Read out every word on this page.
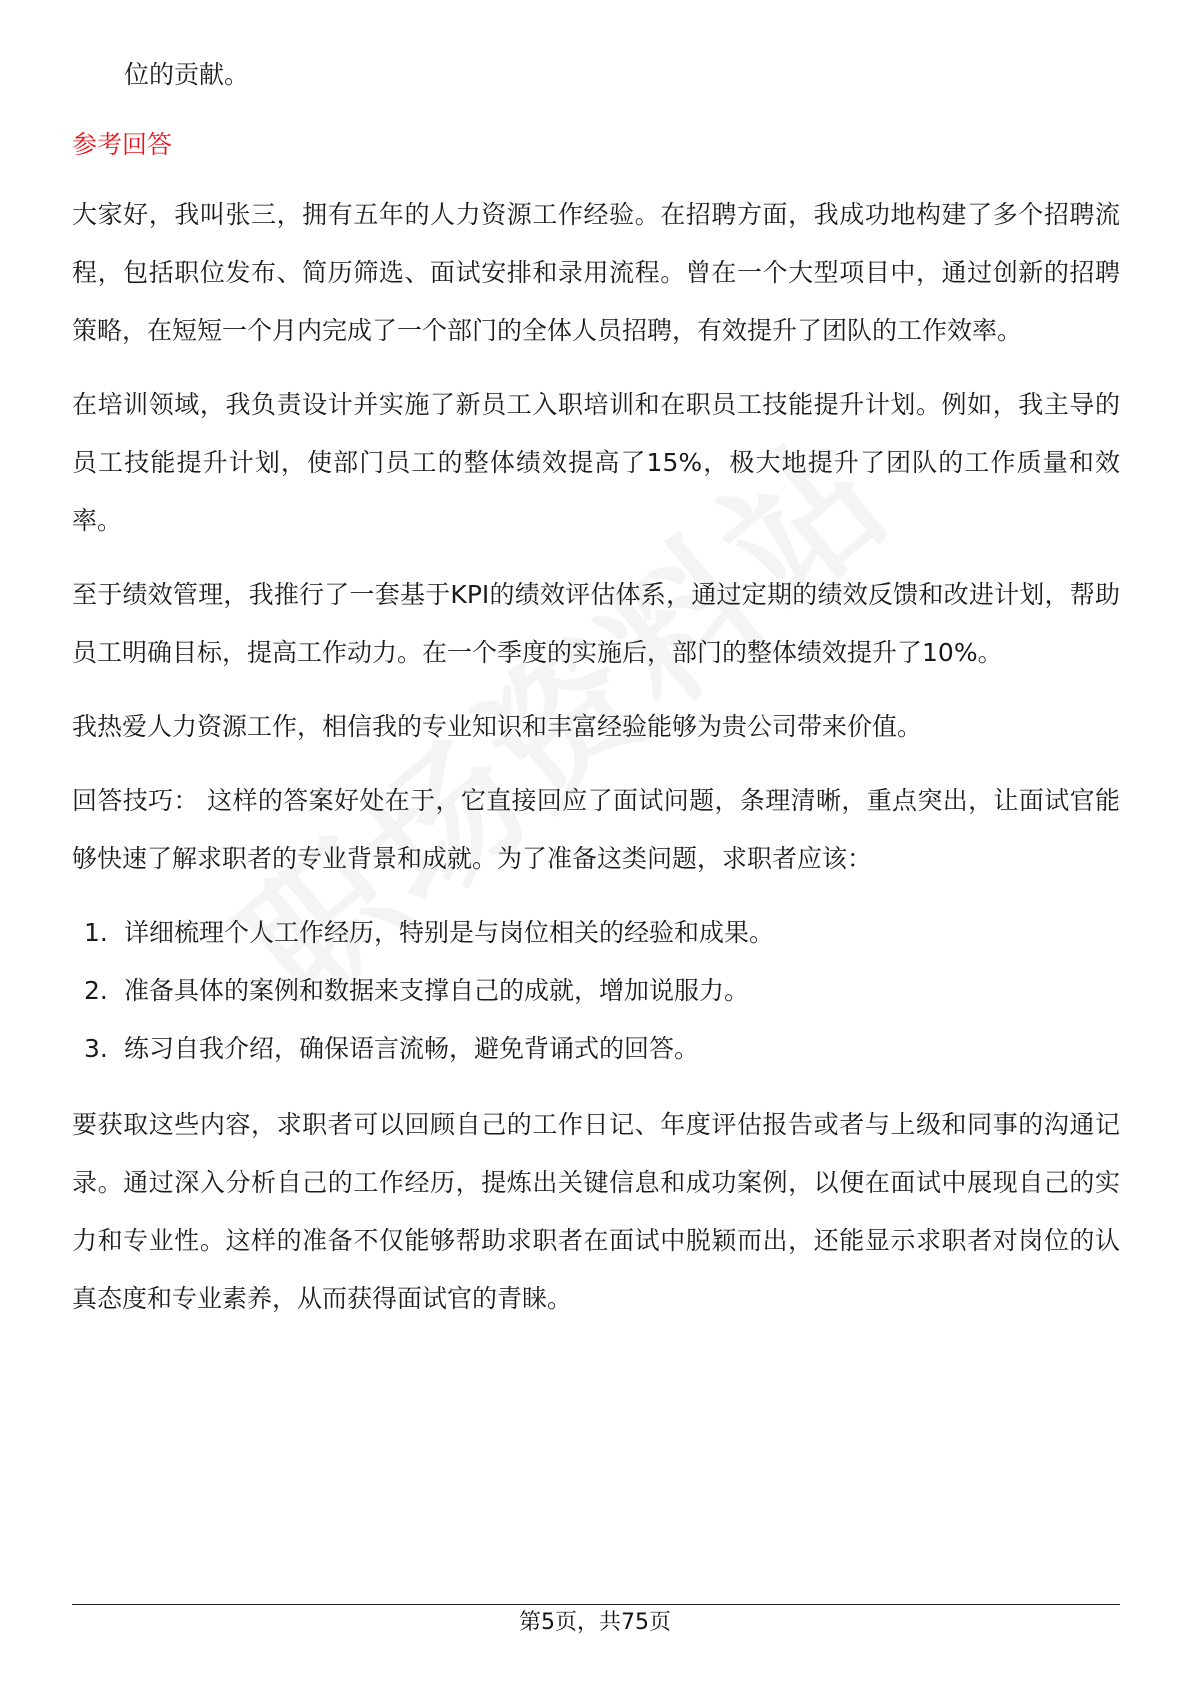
位的贡献。

参考回答

大家好，我叫张三，拥有五年的人力资源工作经验。在招聘方面，我成功地构建了多个招聘流程，包括职位发布、简历筛选、面试安排和录用流程。曾在一个大型项目中，通过创新的招聘策略，在短短一个月内完成了一个部门的全体人员招聘，有效提升了团队的工作效率。

在培训领域，我负责设计并实施了新员工入职培训和在职员工技能提升计划。例如，我主导的员工技能提升计划，使部门员工的整体绩效提高了15%，极大地提升了团队的工作质量和效率。

至于绩效管理，我推行了一套基于KPI的绩效评估体系，通过定期的绩效反馈和改进计划，帮助员工明确目标，提高工作动力。在一个季度的实施后，部门的整体绩效提升了10%。

我热爱人力资源工作，相信我的专业知识和丰富经验能够为贵公司带来价值。

回答技巧： 这样的答案好处在于，它直接回应了面试问题，条理清晰，重点突出，让面试官能够快速了解求职者的专业背景和成就。为了准备这类问题，求职者应该：

1. 详细梳理个人工作经历，特别是与岗位相关的经验和成果。
2. 准备具体的案例和数据来支撑自己的成就，增加说服力。
3. 练习自我介绍，确保语言流畅，避免背诵式的回答。

要获取这些内容，求职者可以回顾自己的工作日记、年度评估报告或者与上级和同事的沟通记录。通过深入分析自己的工作经历，提炼出关键信息和成功案例，以便在面试中展现自己的实力和专业性。这样的准备不仅能够帮助求职者在面试中脱颖而出，还能显示求职者对岗位的认真态度和专业素养，从而获得面试官的青睐。

第5页，共75页
